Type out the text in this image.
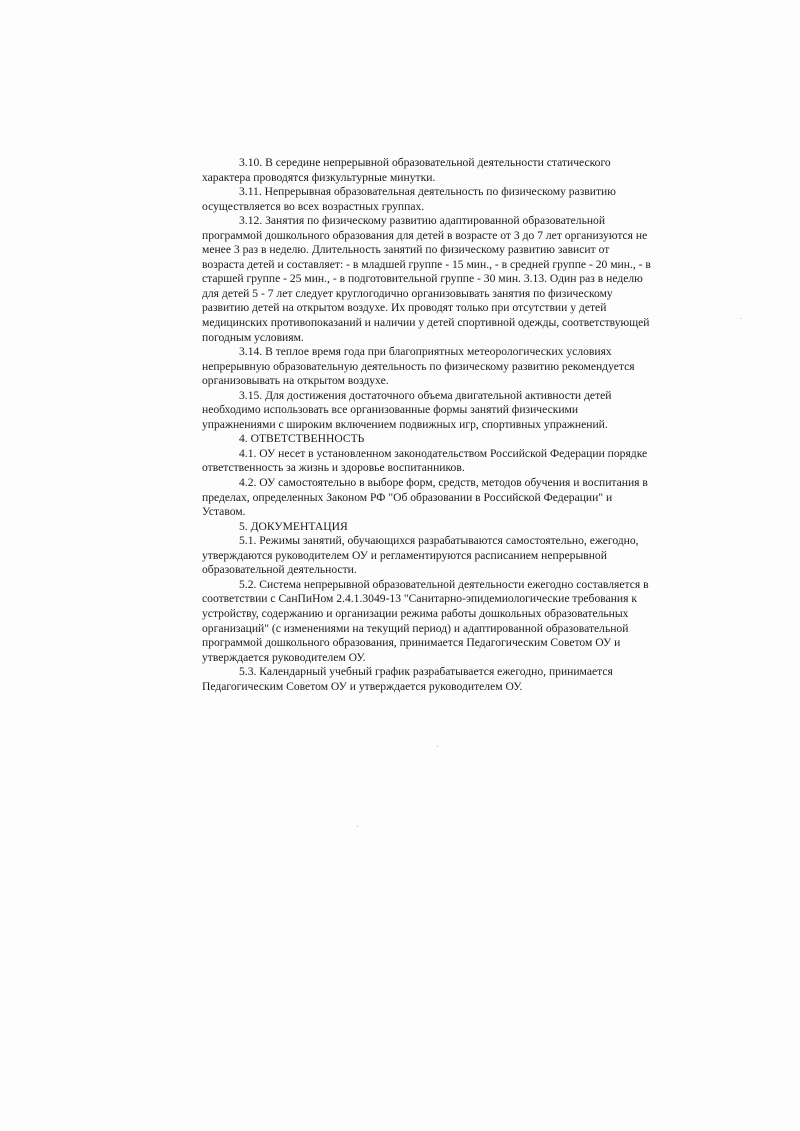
3.10. В середине непрерывной образовательной деятельности статического
характера проводятся физкультурные минутки.

3.11. Непрерывная образовательная деятельность по физическому развитию
осуществляется во всех возрастных группах.

3.12. Занятия по физическому развитию адаптированной образовательной
программой дошкольного образования для детей в возрасте от 3 до 7 лет организуются не
менее 3 раз в неделю. Длительность занятий по физическому развитию зависит от
возраста детей и составляет: - в младшей группе - 15 мин., - в средней группе - 20 мин., - в
старшей группе - 25 мин., - в подготовительной группе - 30 мин. 3.13. Один раз в неделю
для детей 5 - 7 лет следует круглогодично организовывать занятия по физическому
развитию детей на открытом воздухе. Их проводят только при отсутствии у детей
медицинских противопоказаний и наличии у детей спортивной одежды, соответствующей
погодным условиям.

3.14. В теплое время года при благоприятных метеорологических условиях
непрерывную образовательную деятельность по физическому развитию рекомендуется
организовывать на открытом воздухе.

3.15. Для достижения достаточного объема двигательной активности детей
необходимо использовать все организованные формы занятий физическими
упражнениями с широким включением подвижных игр, спортивных упражнений.

4. ОТВЕТСТВЕННОСТЬ

4.1. ОУ несет в установленном законодательством Российской Федерации порядке
ответственность за жизнь и здоровье воспитанников.

4.2. ОУ самостоятельно в выборе форм, средств, методов обучения и воспитания в
пределах, определенных Законом РФ "Об образовании в Российской Федерации" и
Уставом.

5. ДОКУМЕНТАЦИЯ

5.1. Режимы занятий, обучающихся разрабатываются самостоятельно, ежегодно,
утверждаются руководителем ОУ и регламентируются расписанием непрерывной
образовательной деятельности.

5.2. Система непрерывной образовательной деятельности ежегодно составляется в
соответствии с СанПиНом 2.4.1.3049-13 "Санитарно-эпидемиологические требования к
устройству, содержанию и организации режима работы дошкольных образовательных
организаций" (с изменениями на текущий период) и адаптированной образовательной
программой дошкольного образования, принимается Педагогическим Советом ОУ и
утверждается руководителем ОУ.

5.3. Календарный учебный график разрабатывается ежегодно, принимается
Педагогическим Советом ОУ и утверждается руководителем ОУ.
